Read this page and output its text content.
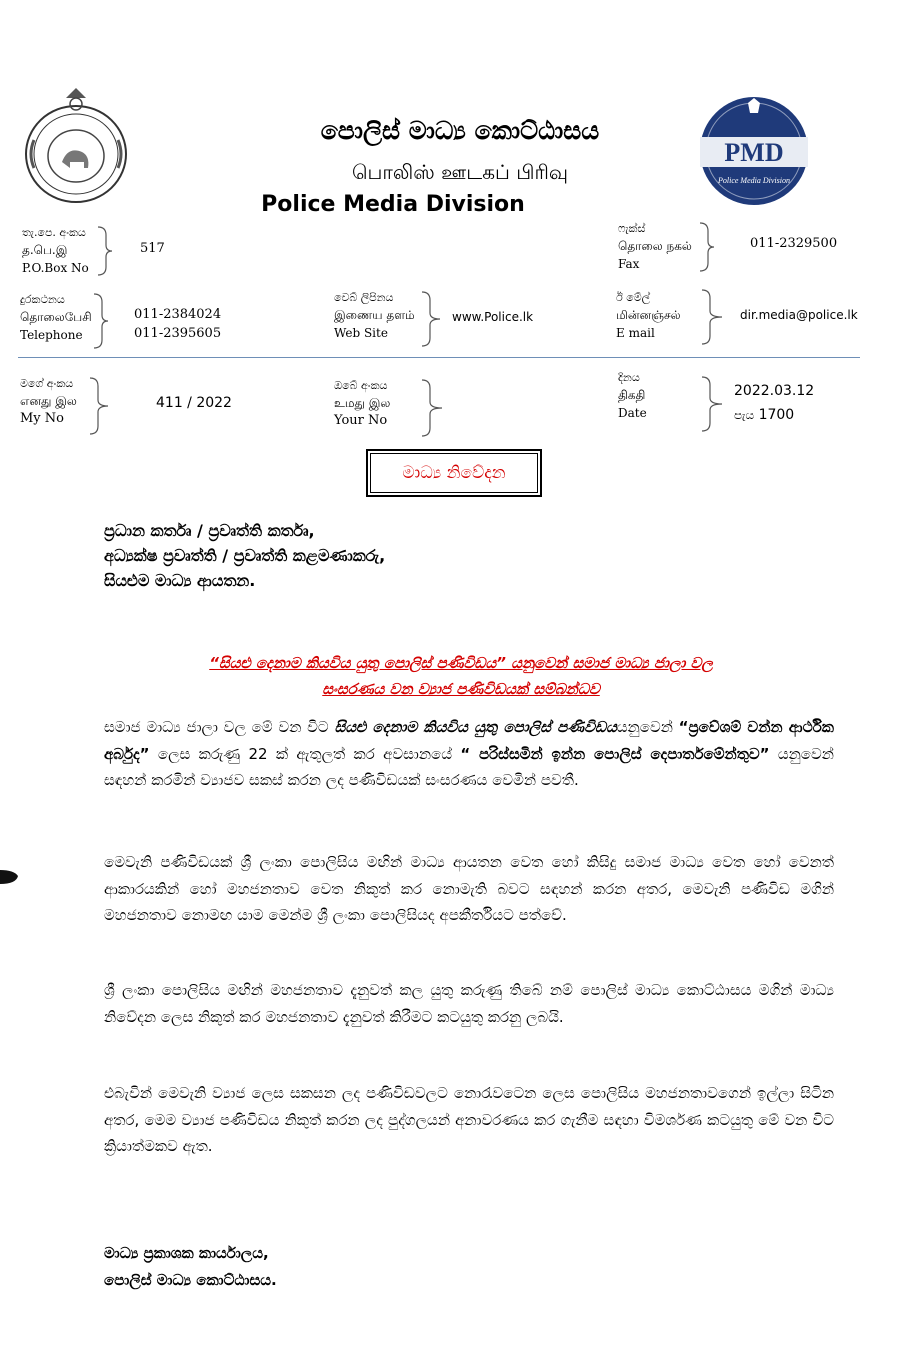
පොලිස් මාධ්‍ය කොට්ඨාසය
பொலிஸ் ஊடகப் பிரிவு
Police Media Division
PMD
Police Media Division
තැ.පෙ. අංකය
த.பெ.இ
P.O.Box No
517
ෆැක්ස්
தொலை நகல்
Fax
011-2329500
දුරකථනය
தொலைபேசி
Telephone
011-2384024
011-2395605
වෙබ් ලිපිනය
இணைய தளம்
Web Site
www.Police.lk
ඊ මේල්
மின்னஞ்சல்
E mail
dir.media@police.lk
මගේ අංකය
எனது இல
My No
411 / 2022
ඔබේ අංකය
உமது இல
Your No
දිනය
திகதி
Date
2022.03.12
පැය 1700
මාධ්‍ය නිවේදන
ප්‍රධාන කර්තෘ / ප්‍රවෘත්ති කර්තෘ,
අධ්‍යක්ෂ ප්‍රවෘත්ති / ප්‍රවෘත්ති කළමණාකරු,
සියළුම මාධ්‍ය ආයතන.
“සියළු දෙනාම කියවිය යුතු පොලිස් පණිවිඩය” යනුවෙන් සමාජ මාධ්‍ය ජාලා වල
සංසරණය වන ව්‍යාජ පණිවිඩයක් සම්බන්ධව
සමාජ මාධ්‍ය ජාලා වල මේ වන විට සියළු දෙනාම කියවිය යුතු පොලිස් පණිවිඩයයනුවෙන් “ප්‍රවේශම් වන්න ආර්ථික අර්බුද” ලෙස කරුණු 22 ක් ඇතුලත් කර අවසානයේ “ පරිස්සමින් ඉන්න පොලිස් දෙපාර්තමේන්තුව” යනුවෙන් සඳහන් කරමින් ව්‍යාජව සකස් කරන ලද පණිවිඩයක් සංසරණය වෙමින් පවතී.
මෙවැනි පණිවිඩයක් ශ්‍රී ලංකා පොලිසිය මඟින් මාධ්‍ය ආයතන වෙත හෝ කිසිදු සමාජ මාධ්‍ය වෙත හෝ වෙනත් ආකාරයකින් හෝ මහජනතාව වෙත නිකුත් කර නොමැති බවට සඳහන් කරන අතර, මෙවැනි පණිවිඩ මගින් මහජනතාව නොමඟ යාම මෙන්ම ශ්‍රී ලංකා පොලිසියද අපකීර්තියට පත්වේ.
ශ්‍රී ලංකා පොලිසිය මඟින් මහජනතාව දැනුවත් කල යුතු කරුණු තිබේ නම් පොලිස් මාධ්‍ය කොට්ඨාසය මගින් මාධ්‍ය නිවේදන ලෙස නිකුත් කර මහජනතාව දැනුවත් කිරීමට කටයුතු කරනු ලබයි.
එබැවින් මෙවැනි ව්‍යාජ ලෙස සකසන ලද පණිවිඩවලට නොරැවටෙන ලෙස පොලිසිය මහජනතාවගෙන් ඉල්ලා සිටින අතර, මෙම ව්‍යාජ පණිවිඩය නිකුත් කරන ලද පුද්ගලයන් අනාවරණය කර ගැනීම සඳහා විමර්ශණ කටයුතු මේ වන විට ක්‍රියාත්මකව ඇත.
මාධ්‍ය ප්‍රකාශක කාර්යාලය,
පොලිස් මාධ්‍ය කොට්ඨාසය.
